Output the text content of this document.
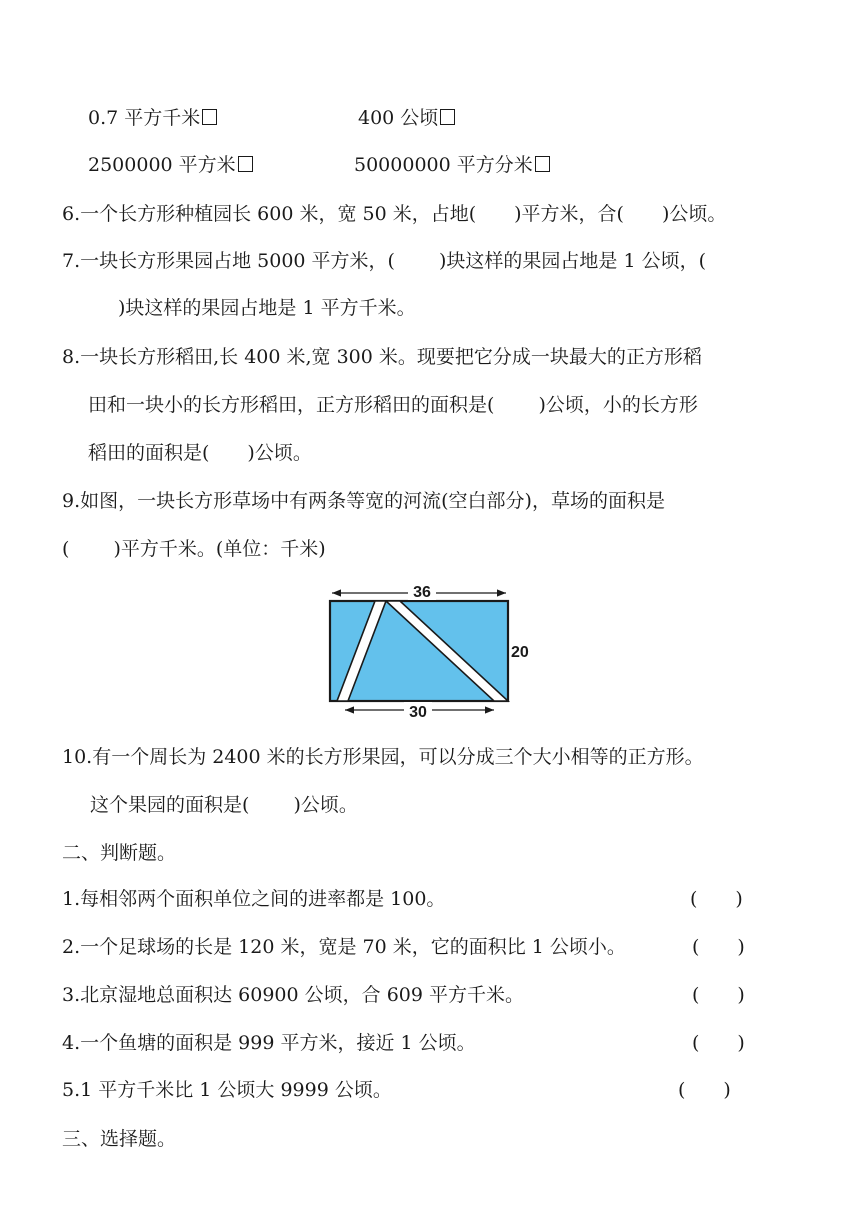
0.7 平方千米	400 公顷
2500000 平方米	50000000 平方分米
6.一个长方形种植园长 600 米，宽 50 米，占地(　　)平方米，合(　　)公顷。
7.一块长方形果园占地 5000 平方米，(　　 )块这样的果园占地是 1 公顷，(
)块这样的果园占地是 1 平方千米。
8.一块长方形稻田,长 400 米,宽 300 米。现要把它分成一块最大的正方形稻
田和一块小的长方形稻田，正方形稻田的面积是(　　 )公顷，小的长方形
稻田的面积是(　　)公顷。
9.如图，一块长方形草场中有两条等宽的河流(空白部分)，草场的面积是
(　　 )平方千米。(单位：千米)
36
20
30
10.有一个周长为 2400 米的长方形果园，可以分成三个大小相等的正方形。
这个果园的面积是(　　 )公顷。
二、判断题。
1.每相邻两个面积单位之间的进率都是 100。	(　　)
2.一个足球场的长是 120 米，宽是 70 米，它的面积比 1 公顷小。	(　　)
3.北京湿地总面积达 60900 公顷，合 609 平方千米。	(　　)
4.一个鱼塘的面积是 999 平方米，接近 1 公顷。	(　　)
5.1 平方千米比 1 公顷大 9999 公顷。	(　　)
三、选择题。
